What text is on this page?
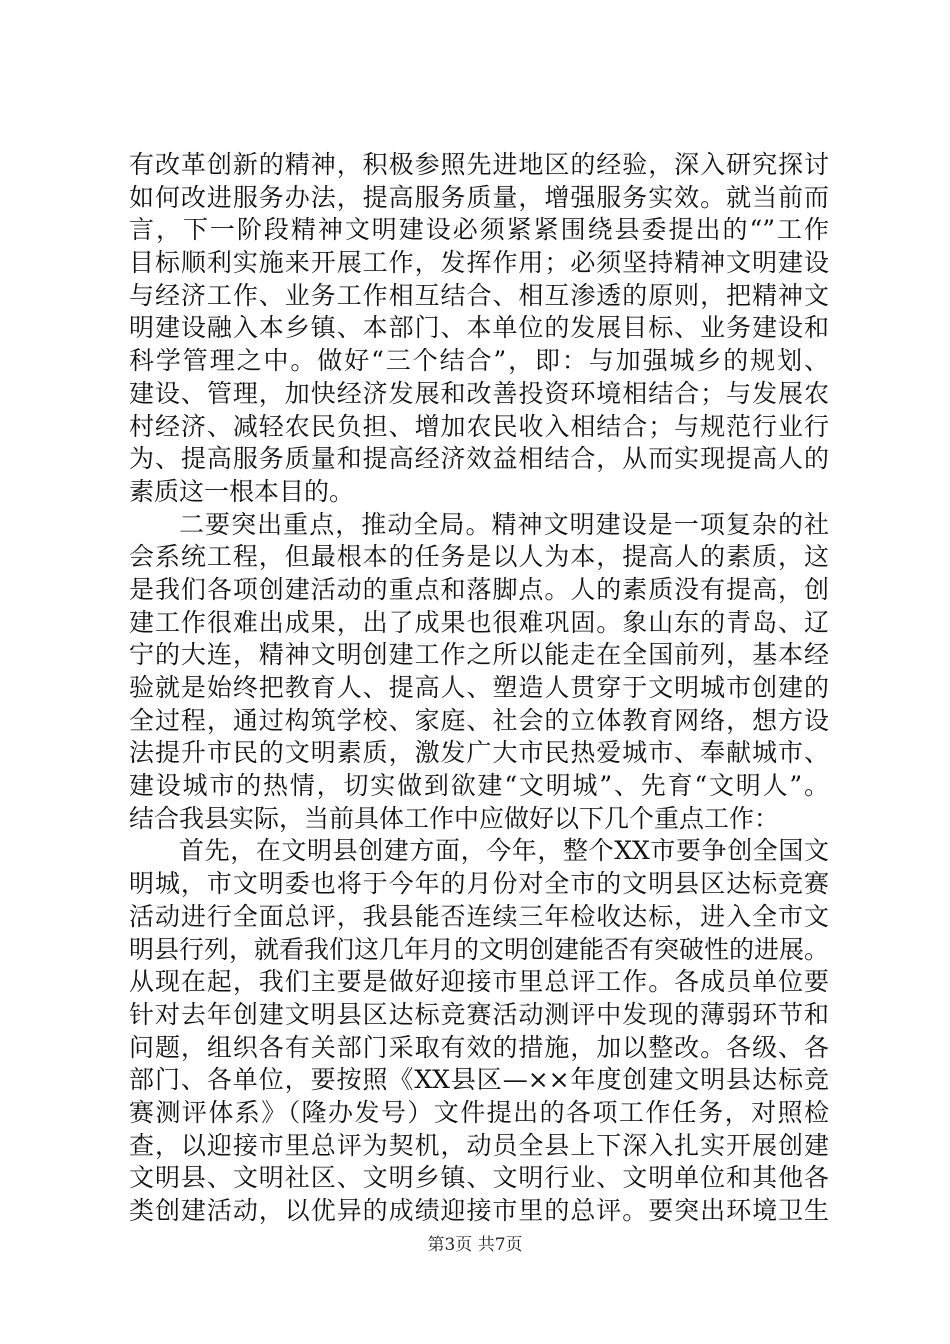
有改革创新的精神，积极参照先进地区的经验，深入研究探讨
如何改进服务办法，提高服务质量，增强服务实效。就当前而
言，下一阶段精神文明建设必须紧紧围绕县委提出的“”工作
目标顺利实施来开展工作，发挥作用；必须坚持精神文明建设
与经济工作、业务工作相互结合、相互渗透的原则，把精神文
明建设融入本乡镇、本部门、本单位的发展目标、业务建设和
科学管理之中。做好“三个结合”，即：与加强城乡的规划、
建设、管理，加快经济发展和改善投资环境相结合；与发展农
村经济、减轻农民负担、增加农民收入相结合；与规范行业行
为、提高服务质量和提高经济效益相结合，从而实现提高人的
素质这一根本目的。
二要突出重点，推动全局。精神文明建设是一项复杂的社
会系统工程，但最根本的任务是以人为本，提高人的素质，这
是我们各项创建活动的重点和落脚点。人的素质没有提高，创
建工作很难出成果，出了成果也很难巩固。象山东的青岛、辽
宁的大连，精神文明创建工作之所以能走在全国前列，基本经
验就是始终把教育人、提高人、塑造人贯穿于文明城市创建的
全过程，通过构筑学校、家庭、社会的立体教育网络，想方设
法提升市民的文明素质，激发广大市民热爱城市、奉献城市、
建设城市的热情，切实做到欲建“文明城”、先育“文明人”。
结合我县实际，当前具体工作中应做好以下几个重点工作：
首先，在文明县创建方面，今年，整个XX市要争创全国文
明城，市文明委也将于今年的月份对全市的文明县区达标竞赛
活动进行全面总评，我县能否连续三年检收达标，进入全市文
明县行列，就看我们这几年月的文明创建能否有突破性的进展。
从现在起，我们主要是做好迎接市里总评工作。各成员单位要
针对去年创建文明县区达标竞赛活动测评中发现的薄弱环节和
问题，组织各有关部门采取有效的措施，加以整改。各级、各
部门、各单位，要按照《XX县区—××年度创建文明县达标竞
赛测评体系》（隆办发号）文件提出的各项工作任务，对照检
查，以迎接市里总评为契机，动员全县上下深入扎实开展创建
文明县、文明社区、文明乡镇、文明行业、文明单位和其他各
类创建活动，以优异的成绩迎接市里的总评。要突出环境卫生
第3页 共7页
